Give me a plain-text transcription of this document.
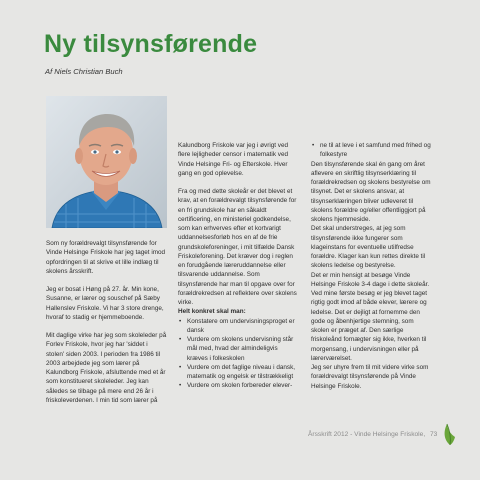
Ny tilsynsførende
Af Niels Christian Buch

Som ny forældrevalgt tilsynsførende for Vinde Helsinge Friskole har jeg taget imod opfordringen til at skrive et lille indlæg til skolens årsskrift.

Jeg er bosat i Høng på 27. år. Min kone, Susanne, er lærer og souschef på Sæby Hallenslev Friskole. Vi har 3 store drenge, hvoraf to stadig er hjemmeboende.

Mit daglige virke har jeg som skoleleder på Forlev Friskole, hvor jeg har 'siddet i stolen' siden 2003. I perioden fra 1986 til 2003 arbejdede jeg som lærer på Kalundborg Friskole, afsluttende med et år som konstitueret skoleleder. Jeg kan således se tilbage på mere end 26 år i friskoleverdenen. I min tid som lærer på

Kalundborg Friskole var jeg i øvrigt ved flere lejligheder censor i matematik ved Vinde Helsinge Fri- og Efterskole. Hver gang en god oplevelse.

Fra og med dette skoleår er det blevet et krav, at en forældrevalgt tilsynsførende for en fri grundskole har en såkaldt certificering, en ministeriel godkendelse, som kan erhverves efter et kortvarigt uddannelsesforløb hos en af de frie grundskoleforeninger, i mit tilfælde Dansk Friskoleforening. Det kræver dog i reglen en forudgående læreruddannelse eller tilsvarende uddannelse. Som tilsynsførende har man til opgave over for forældrekredsen at reflektere over skolens virke.

Helt konkret skal man:

• Konstatere om undervisningsproget er dansk
• Vurdere om skolens undervisning står mål med, hvad der almindeligvis kræves i folkeskolen
• Vurdere om det faglige niveau i dansk, matematik og engelsk er tilstrækkeligt
• Vurdere om skolen forbereder elever-
• ne til at leve i et samfund med frihed og folkestyre

Den tilsynsførende skal én gang om året aflevere en skriftlig tilsynserklæring til forældrekredsen og skolens bestyrelse om tilsynet. Det er skolens ansvar, at tilsynserklæringen bliver udleveret til skolens forældre og/eller offentliggjort på skolens hjemmeside.

Det skal understreges, at jeg som tilsynsførende ikke fungerer som klageinstans for eventuelle utilfredse forældre. Klager kan kun rettes direkte til skolens ledelse og bestyrelse.

Det er min hensigt at besøge Vinde Helsinge Friskole 3-4 dage i dette skoleår. Ved mine første besøg er jeg blevet taget rigtig godt imod af både elever, lærere og ledelse. Det er dejligt at fornemme den gode og åbenhjertige stemning, som skolen er præget af. Den særlige friskoleånd fornægter sig ikke, hverken til morgensang, i undervisningen eller på lærerværelset.

Jeg ser uhyre frem til mit videre virke som forældrevalgt tilsynsførende på Vinde Helsinge Friskole.

Årsskrift 2012 - Vinde Helsinge Friskole, 73
